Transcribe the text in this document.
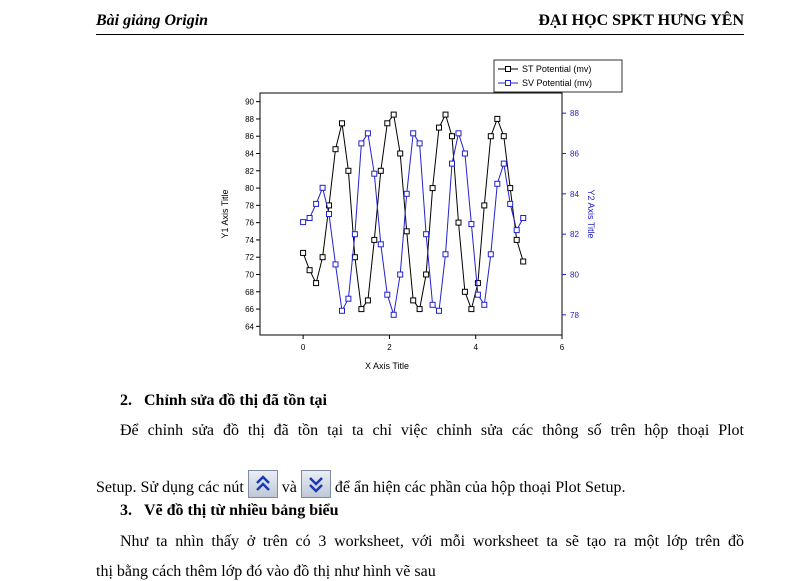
Bài giảng Origin	ĐẠI HỌC SPKT HƯNG YÊN
64
66
68
70
72
74
76
78
80
82
84
86
88
90
78
80
82
84
86
88
0	2	4	6
X Axis Title
Y1 Axis Title	Y2 Axis Title
ST Potential (mv)
SV Potential (mv)
2. Chỉnh sửa đồ thị đã tồn tại
Để chỉnh sửa đồ thị đã tồn tại ta chỉ việc chỉnh sửa các thông số trên hộp thoại Plot
Setup. Sử dụng các nút và để ẩn hiện các phần của hộp thoại Plot Setup.
3. Vẽ đồ thị từ nhiều bảng biểu
Như ta nhìn thấy ở trên có 3 worksheet, với mỗi worksheet ta sẽ tạo ra một lớp trên đồ
thị bằng cách thêm lớp đó vào đồ thị như hình vẽ sau
